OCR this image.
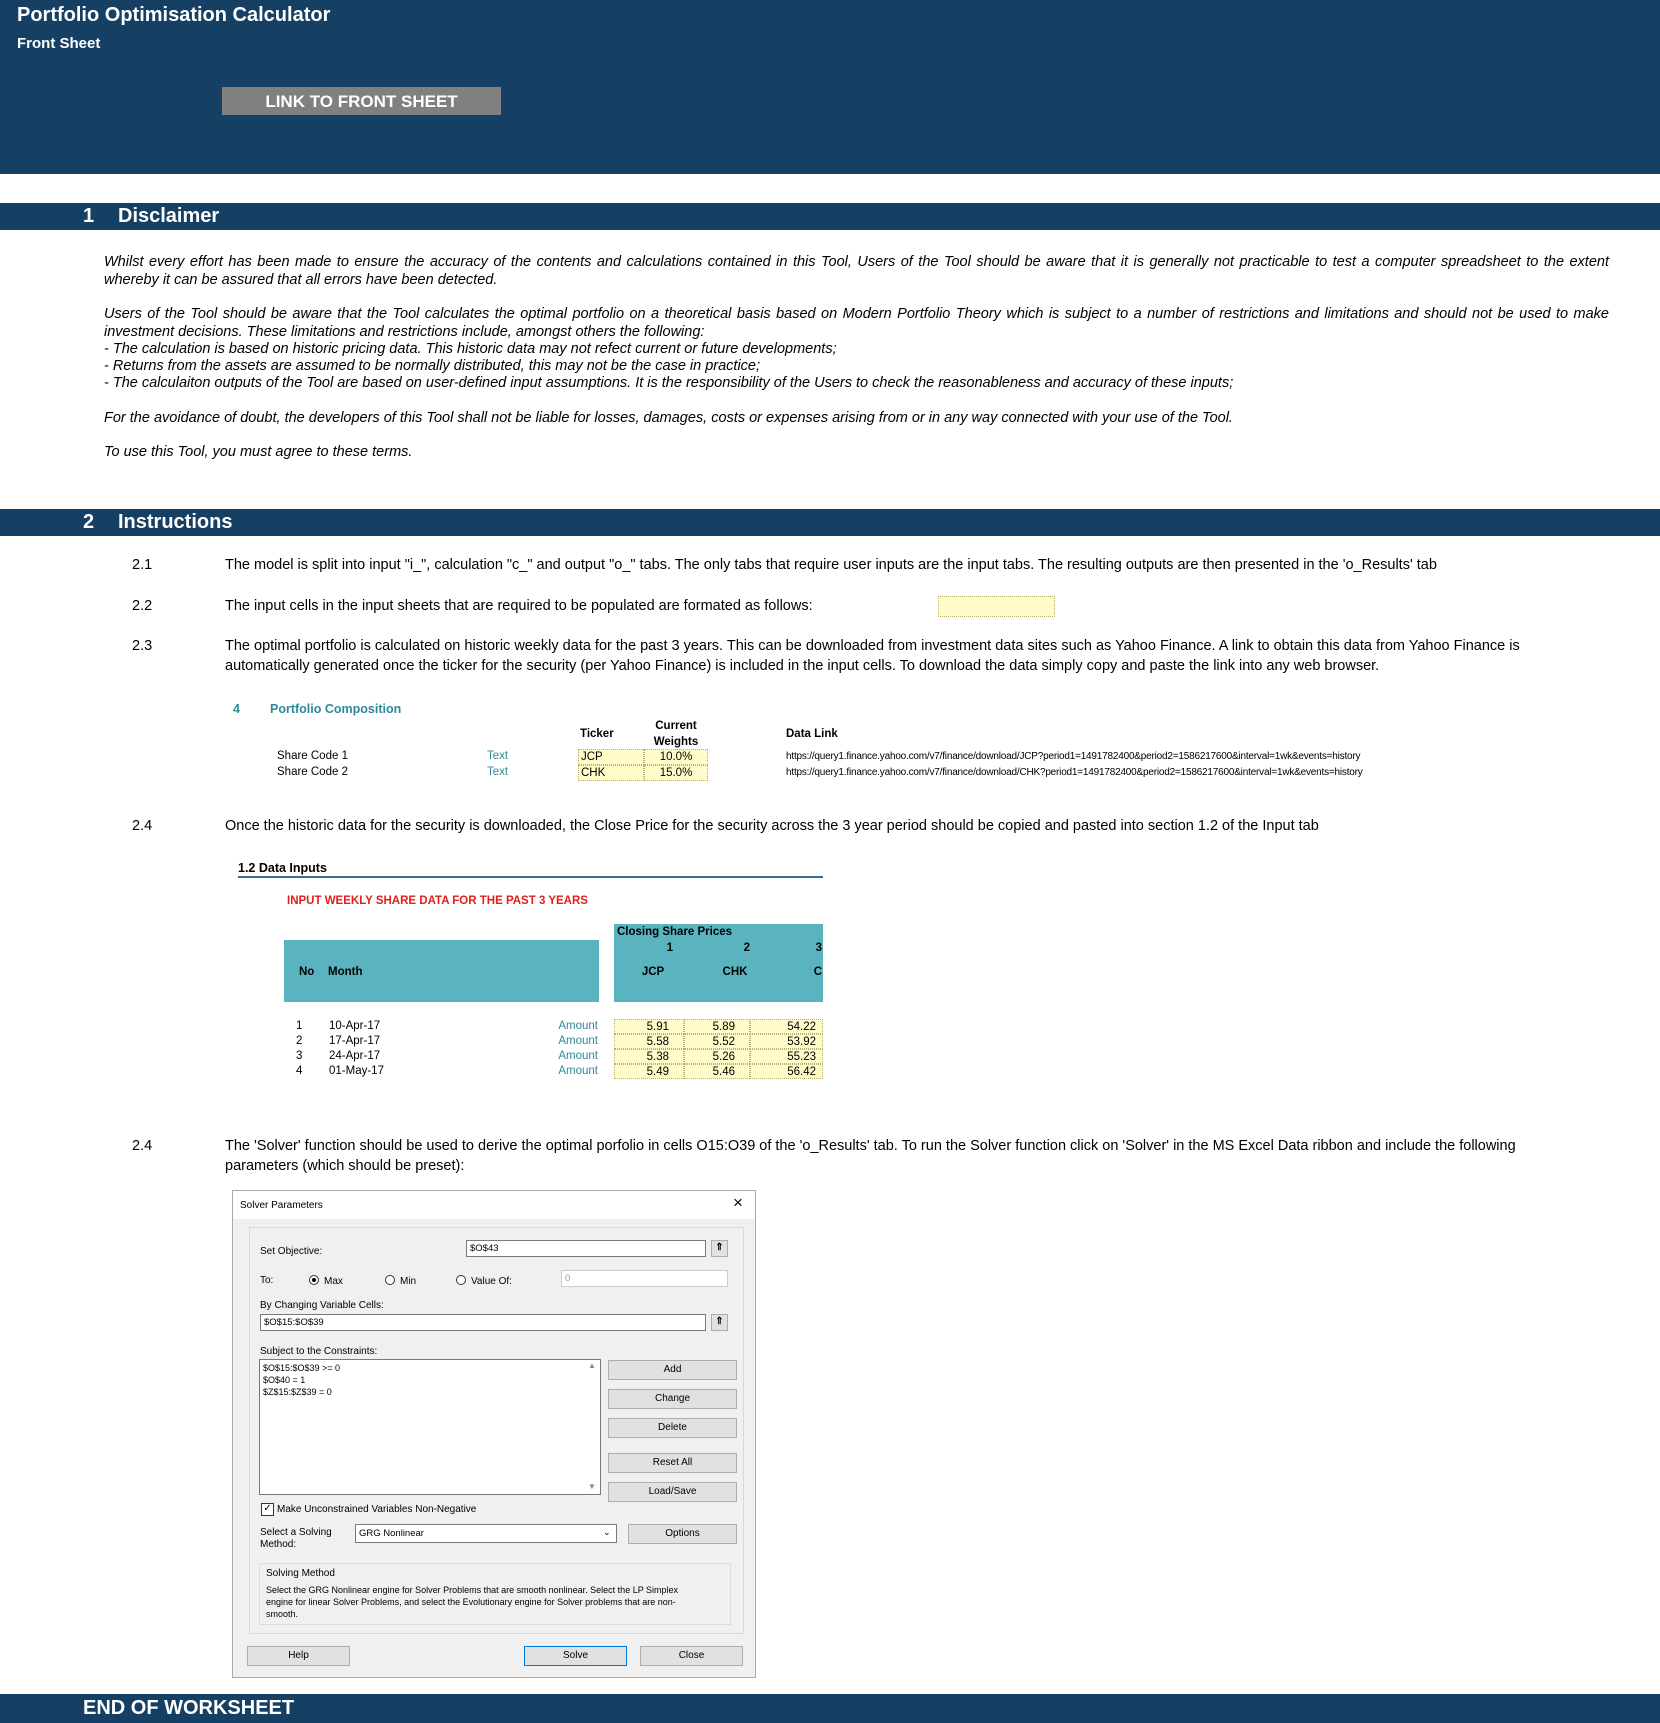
Portfolio Optimisation Calculator
Front Sheet
LINK TO FRONT SHEET
1 Disclaimer
Whilst every effort has been made to ensure the accuracy of the contents and calculations contained in this Tool, Users of the Tool should be aware that it is generally not practicable to test a computer spreadsheet to the extent whereby it can be assured that all errors have been detected.
Users of the Tool should be aware that the Tool calculates the optimal portfolio on a theoretical basis based on Modern Portfolio Theory which is subject to a number of restrictions and limitations and should not be used to make investment decisions. These limitations and restrictions include, amongst others the following:
- The calculation is based on historic pricing data. This historic data may not refect current or future developments;
- Returns from the assets are assumed to be normally distributed, this may not be the case in practice;
- The calculaiton outputs of the Tool are based on user-defined input assumptions. It is the responsibility of the Users to check the reasonableness and accuracy of these inputs;
For the avoidance of doubt, the developers of this Tool shall not be liable for losses, damages, costs or expenses arising from or in any way connected with your use of the Tool.
To use this Tool, you must agree to these terms.
2 Instructions
2.1	The model is split into input "i_", calculation "c_" and output "o_" tabs. The only tabs that require user inputs are the input tabs. The resulting outputs are then presented in the 'o_Results' tab
2.2	The input cells in the input sheets that are required to be populated are formated as follows:
2.3	The optimal portfolio is calculated on historic weekly data for the past 3 years. This can be downloaded from investment data sites such as Yahoo Finance. A link to obtain this data from Yahoo Finance is automatically generated once the ticker for the security (per Yahoo Finance) is included in the input cells. To download the data simply copy and paste the link into any web browser.
4 Portfolio Composition
Ticker
Current
Weights
Data Link
Share Code 1	Text	JCP	10.0%	https://query1.finance.yahoo.com/v7/finance/download/JCP?period1=1491782400&period2=1586217600&interval=1wk&events=history
Share Code 2	Text	CHK	15.0%	https://query1.finance.yahoo.com/v7/finance/download/CHK?period1=1491782400&period2=1586217600&interval=1wk&events=history
2.4	Once the historic data for the security is downloaded, the Close Price for the security across the 3 year period should be copied and pasted into section 1.2 of the Input tab
1.2 Data Inputs
INPUT WEEKLY SHARE DATA FOR THE PAST 3 YEARS
No Month
Closing Share Prices
1	2	3
JCP	CHK	C
1 10-Apr-17	Amount	5.91	5.89	54.22
2 17-Apr-17	Amount	5.58	5.52	53.92
3 24-Apr-17	Amount	5.38	5.26	55.23
4 01-May-17	Amount	5.49	5.46	56.42
2.4	The 'Solver' function should be used to derive the optimal porfolio in cells O15:O39 of the 'o_Results' tab. To run the Solver function click on 'Solver' in the MS Excel Data ribbon and include the following parameters (which should be preset):
Solver Parameters	×
Set Objective:	$O$43	⇑
To:	Max	Min	Value Of:	0
By Changing Variable Cells:
$O$15:$O$39	⇑
Subject to the Constraints:
$O$15:$O$39 >= 0
$O$40 = 1
$Z$15:$Z$39 = 0
▲
▼
Add
Change
Delete
Reset All
Load/Save
✓ Make Unconstrained Variables Non-Negative
Select a Solving
Method:
GRG Nonlinear	⌄	Options
Solving Method
Select the GRG Nonlinear engine for Solver Problems that are smooth nonlinear. Select the LP Simplex engine for linear Solver Problems, and select the Evolutionary engine for Solver problems that are non-smooth.
Help	Solve	Close
END OF WORKSHEET
